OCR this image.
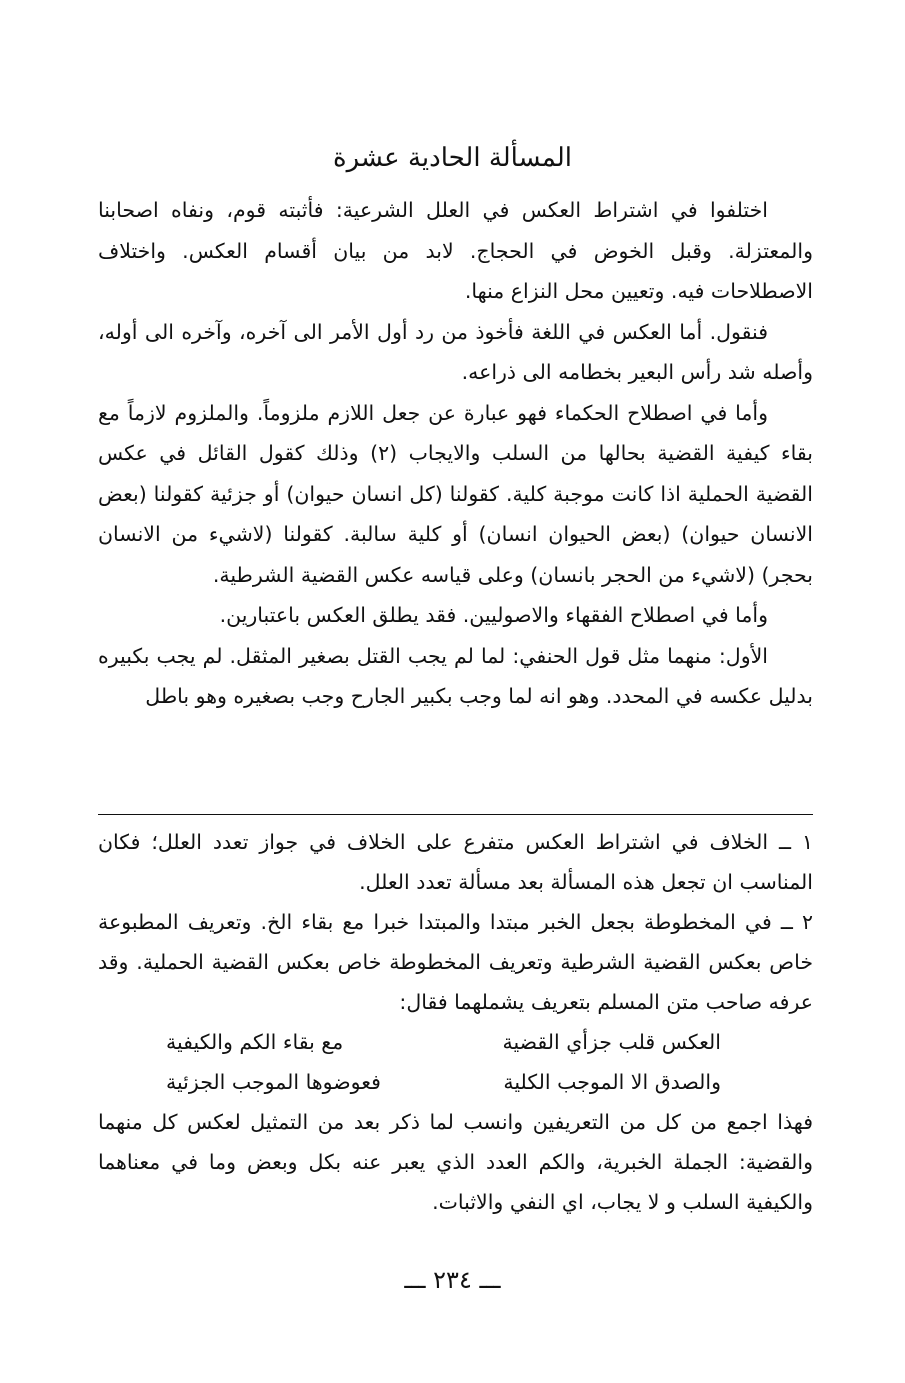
المسألة الحادية عشرة

اختلفوا في اشتراط العكس في العلل الشرعية: فأثبته قوم، ونفاه اصحابنا والمعتزلة. وقبل الخوض في الحجاج. لابد من بيان أقسام العكس. واختلاف الاصطلاحات فيه. وتعيين محل النزاع منها.

فنقول. أما العكس في اللغة فأخوذ من رد أول الأمر الى آخره، وآخره الى أوله، وأصله شد رأس البعير بخطامه الى ذراعه.

وأما في اصطلاح الحكماء فهو عبارة عن جعل اللازم ملزوماً. والملزوم لازماً مع بقاء كيفية القضية بحالها من السلب والايجاب (٢) وذلك كقول القائل في عكس القضية الحملية اذا كانت موجبة كلية. كقولنا (كل انسان حيوان) أو جزئية كقولنا (بعض الانسان حيوان) (بعض الحيوان انسان) أو كلية سالبة. كقولنا (لاشيء من الانسان بحجر) (لاشيء من الحجر بانسان) وعلى قياسه عكس القضية الشرطية.

وأما في اصطلاح الفقهاء والاصوليين. فقد يطلق العكس باعتبارين.

الأول: منهما مثل قول الحنفي: لما لم يجب القتل بصغير المثقل. لم يجب بكبيره بدليل عكسه في المحدد. وهو انه لما وجب بكبير الجارح وجب بصغيره وهو باطل

١ ــ الخلاف في اشتراط العكس متفرع على الخلاف في جواز تعدد العلل؛ فكان المناسب ان تجعل هذه المسألة بعد مسألة تعدد العلل.

٢ ــ في المخطوطة بجعل الخبر مبتدا والمبتدا خبرا مع بقاء الخ. وتعريف المطبوعة خاص بعكس القضية الشرطية وتعريف المخطوطة خاص بعكس القضية الحملية. وقد عرفه صاحب متن المسلم بتعريف يشملهما فقال:

العكس قلب جزأي القضية
مع بقاء الكم والكيفية
والصدق الا الموجب الكلية
فعوضوها الموجب الجزئية

فهذا اجمع من كل من التعريفين وانسب لما ذكر بعد من التمثيل لعكس كل منهما والقضية: الجملة الخبرية، والكم العدد الذي يعبر عنه بكل وبعض وما في معناهما والكيفية السلب و لا يجاب، اي النفي والاثبات.

ـــ ٢٣٤ ـــ
